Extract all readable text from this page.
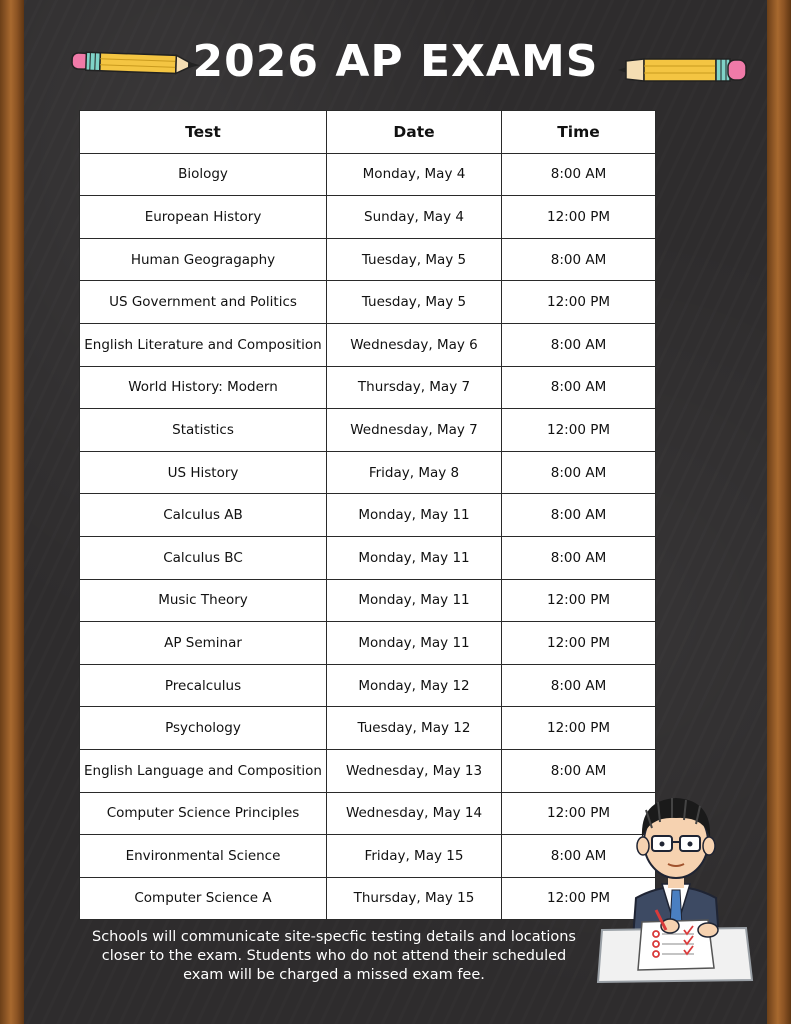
2026 AP EXAMS
Test	Date	Time
Biology	Monday, May 4	8:00 AM
European History	Sunday, May 4	12:00 PM
Human Geogragaphy	Tuesday, May 5	8:00 AM
US Government and Politics	Tuesday, May 5	12:00 PM
English Literature and Composition	Wednesday, May 6	8:00 AM
World History: Modern	Thursday, May 7	8:00 AM
Statistics	Wednesday, May 7	12:00 PM
US History	Friday, May 8	8:00 AM
Calculus AB	Monday, May 11	8:00 AM
Calculus BC	Monday, May 11	8:00 AM
Music Theory	Monday, May 11	12:00 PM
AP Seminar	Monday, May 11	12:00 PM
Precalculus	Monday, May 12	8:00 AM
Psychology	Tuesday, May 12	12:00 PM
English Language and Composition	Wednesday, May 13	8:00 AM
Computer Science Principles	Wednesday, May 14	12:00 PM
Environmental Science	Friday, May 15	8:00 AM
Computer Science A	Thursday, May 15	12:00 PM
Schools will communicate site-specfic testing details and locations closer to the exam. Students who do not attend their scheduled exam will be charged a missed exam fee.
